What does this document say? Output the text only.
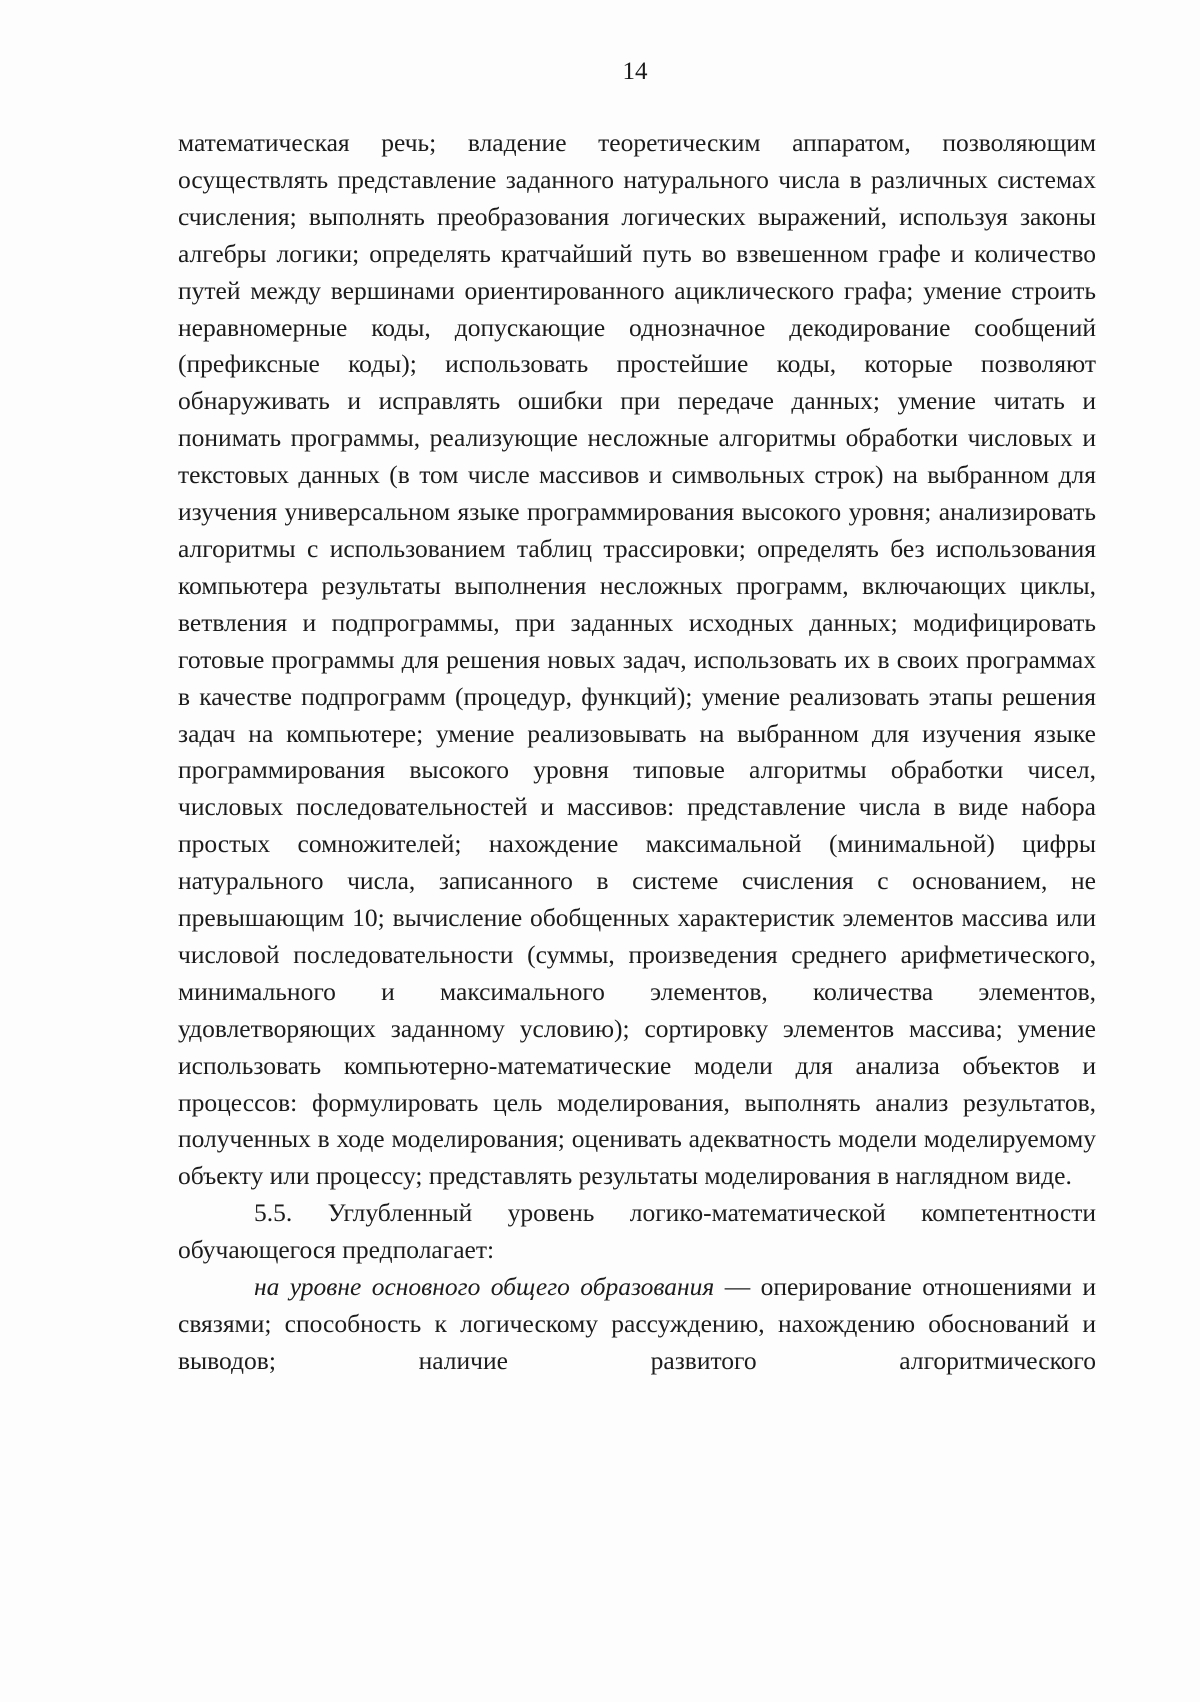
14

математическая речь; владение теоретическим аппаратом, позволяющим осуществлять представление заданного натурального числа в различных системах счисления; выполнять преобразования логических выражений, используя законы алгебры логики; определять кратчайший путь во взвешенном графе и количество путей между вершинами ориентированного ациклического графа; умение строить неравномерные коды, допускающие однозначное декодирование сообщений (префиксные коды); использовать простейшие коды, которые позволяют обнаруживать и исправлять ошибки при передаче данных; умение читать и понимать программы, реализующие несложные алгоритмы обработки числовых и текстовых данных (в том числе массивов и символьных строк) на выбранном для изучения универсальном языке программирования высокого уровня; анализировать алгоритмы с использованием таблиц трассировки; определять без использования компьютера результаты выполнения несложных программ, включающих циклы, ветвления и подпрограммы, при заданных исходных данных; модифицировать готовые программы для решения новых задач, использовать их в своих программах в качестве подпрограмм (процедур, функций); умение реализовать этапы решения задач на компьютере; умение реализовывать на выбранном для изучения языке программирования высокого уровня типовые алгоритмы обработки чисел, числовых последовательностей и массивов: представление числа в виде набора простых сомножителей; нахождение максимальной (минимальной) цифры натурального числа, записанного в системе счисления с основанием, не превышающим 10; вычисление обобщенных характеристик элементов массива или числовой последовательности (суммы, произведения среднего арифметического, минимального и максимального элементов, количества элементов, удовлетворяющих заданному условию); сортировку элементов массива; умение использовать компьютерно-математические модели для анализа объектов и процессов: формулировать цель моделирования, выполнять анализ результатов, полученных в ходе моделирования; оценивать адекватность модели моделируемому объекту или процессу; представлять результаты моделирования в наглядном виде.

5.5. Углубленный уровень логико-математической компетентности обучающегося предполагает:

на уровне основного общего образования — оперирование отношениями и связями; способность к логическому рассуждению, нахождению обоснований и выводов; наличие развитого алгоритмического
